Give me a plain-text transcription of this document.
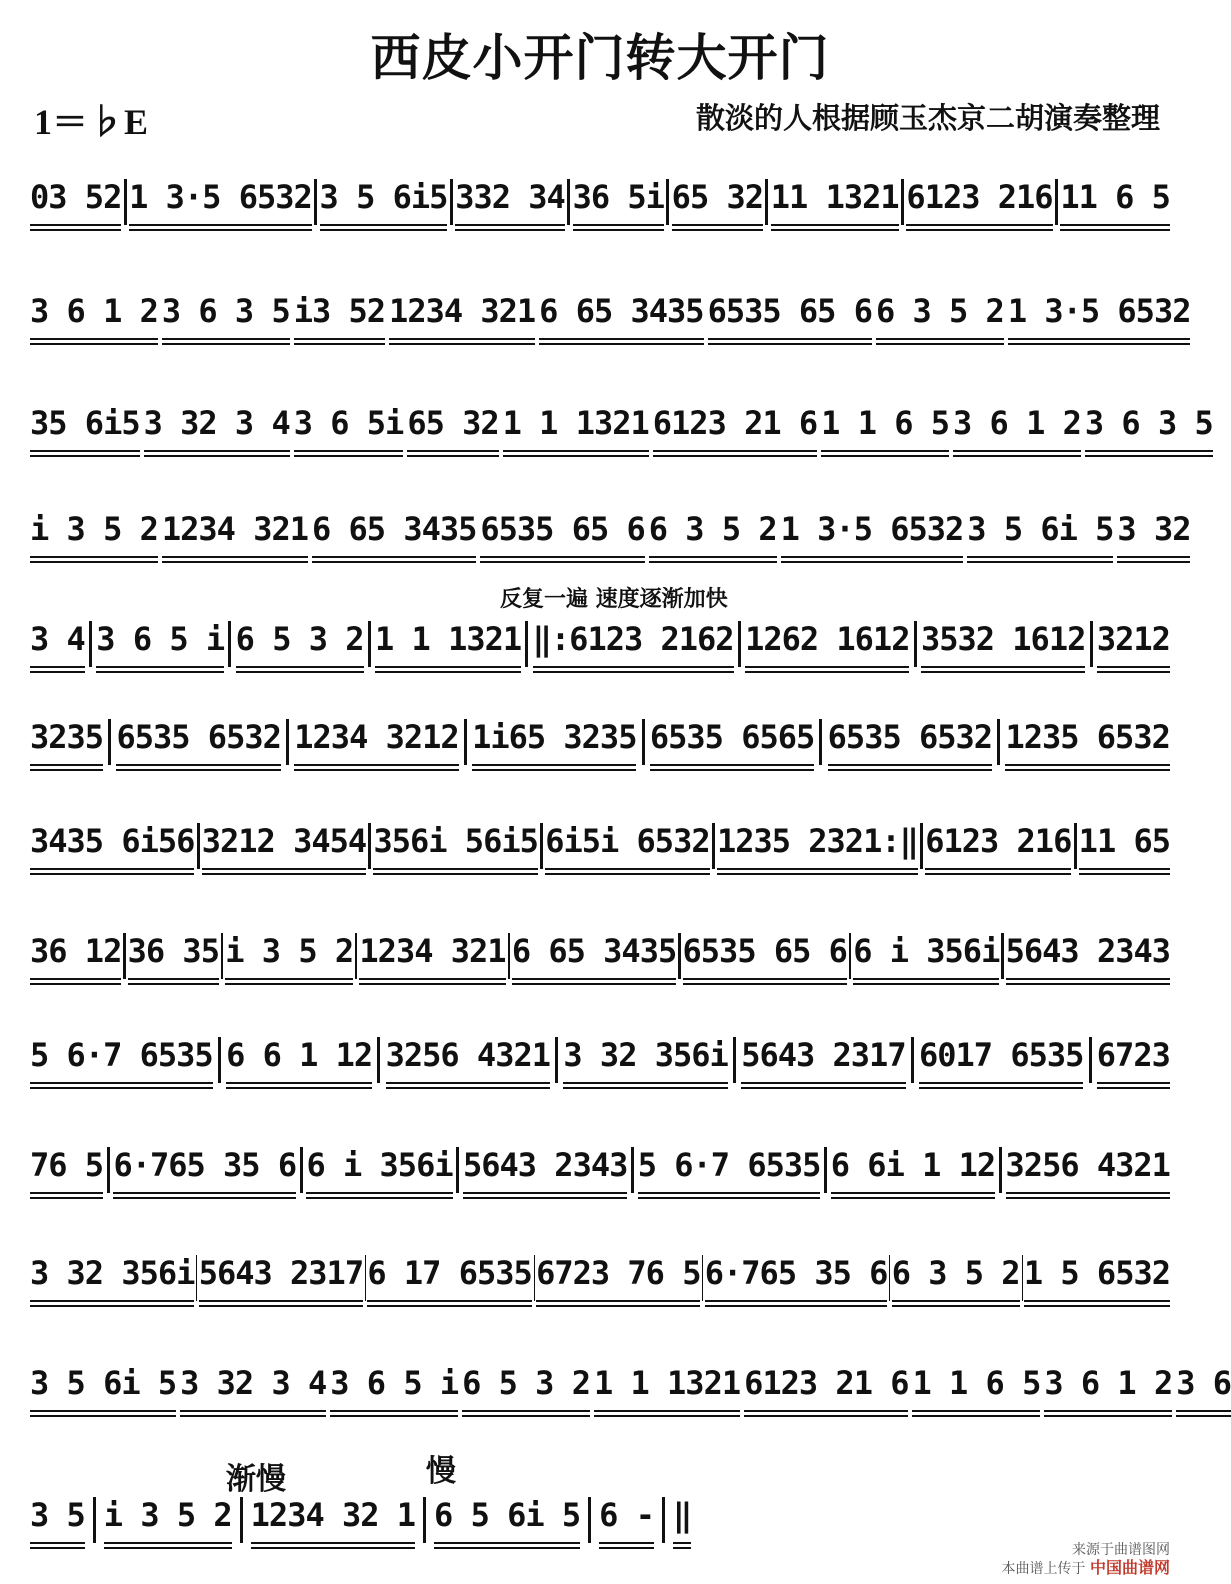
西皮小开门转大开门
1＝♭E	散淡的人根据顾玉杰京二胡演奏整理
03 52 1 3·5 6532 3 5 6i5 332 34 36 5i 65 32 11 1321 6123 216 11 6 5
3 6 1 2 3 6 3 5 i3 52 1234 321 6 65 3435 6535 65 6 6 3 5 2 1 3·5 6532
35 6i5 3 32 3 4 3 6 5i 65 32 1 1 1321 6123 21 6 1 1 6 5 3 6 1 2 3 6 3 5
i 3 5 2 1234 321 6 65 3435 6535 65 6 6 3 5 2 1 3·5 6532 3 5 6i 5 3 32
3 4 3 6 5 i 6 5 3 2 1 1 1321 ‖:6123 2162 1262 1612 3532 1612 3212
3235 6535 6532 1234 3212 1i65 3235 6535 6565 6535 6532 1235 6532
3435 6i56 3212 3454 356i 56i5 6i5i 6532 1235 2321:‖ 6123 216 11 65
36 12 36 35 i 3 5 2 1234 321 6 65 3435 6535 65 6 6 i 356i 5643 2343
5 6·7 6535 6 6 1 12 3256 4321 3 32 356i 5643 2317 6017 6535 6723
76 5 6·765 35 6 6 i 356i 5643 2343 5 6·7 6535 6 6i 1 12 3256 4321
3 32 356i 5643 2317 6 17 6535 6723 76 5 6·765 35 6 6 3 5 2 1 5 6532
3 5 6i 5 3 32 3 4 3 6 5 i 6 5 3 2 1 1 1321 6123 21 6 1 1 6 5 3 6 1 2 3 6
3 5 i 3 5 2 1234 32 1 6 5 6i 5 6 - ‖
反复一遍 速度逐渐加快
渐慢	慢
来源于曲谱图网
本曲谱上传于 中国曲谱网
